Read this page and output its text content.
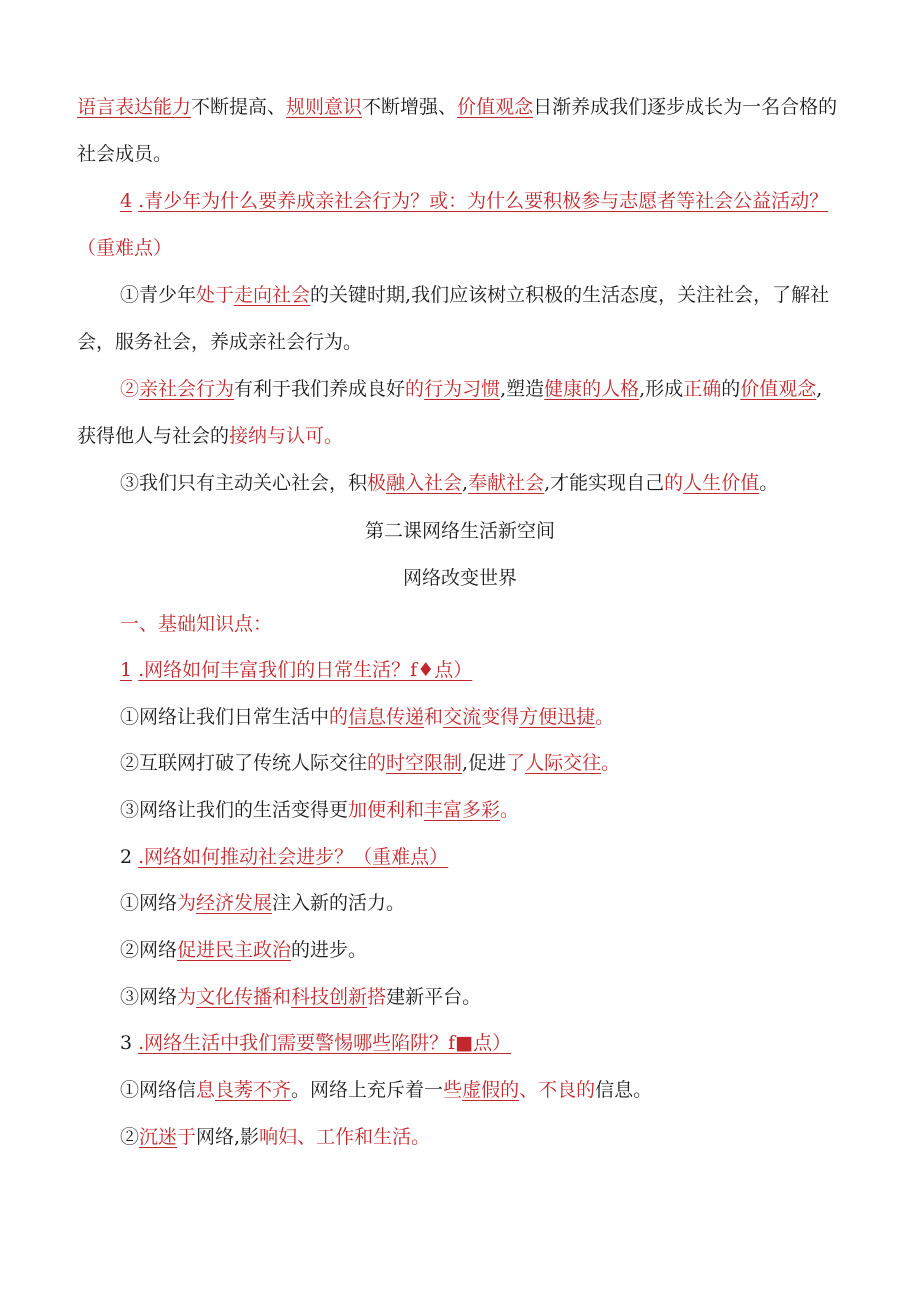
语言表达能力不断提高、规则意识不断增强、价值观念日渐养成我们逐步成长为一名合格的
社会成员。
4 .青少年为什么要养成亲社会行为？或：为什么要积极参与志愿者等社会公益活动？
（重难点）
①青少年处于走向社会的关键时期,我们应该树立积极的生活态度，关注社会，了解社
会，服务社会，养成亲社会行为。
②亲社会行为有利于我们养成良好的行为习惯,塑造健康的人格,形成正确的价值观念,
获得他人与社会的接纳与认可。
③我们只有主动关心社会，积极融入社会,奉献社会,才能实现自己的人生价值。
第二课网络生活新空间
网络改变世界
一、基础知识点：
1 .网络如何丰富我们的日常生活？f♦点）
①网络让我们日常生活中的信息传递和交流变得方便迅捷。
②互联网打破了传统人际交往的时空限制,促进了人际交往。
③网络让我们的生活变得更加便利和丰富多彩。
2 .网络如何推动社会进步？（重难点）
①网络为经济发展注入新的活力。
②网络促进民主政治的进步。
③网络为文化传播和科技创新搭建新平台。
3 .网络生活中我们需要警惕哪些陷阱？f■点）
①网络信息良莠不齐。网络上充斥着一些虚假的、不良的信息。
②沉迷于网络,影响妇、工作和生活。
